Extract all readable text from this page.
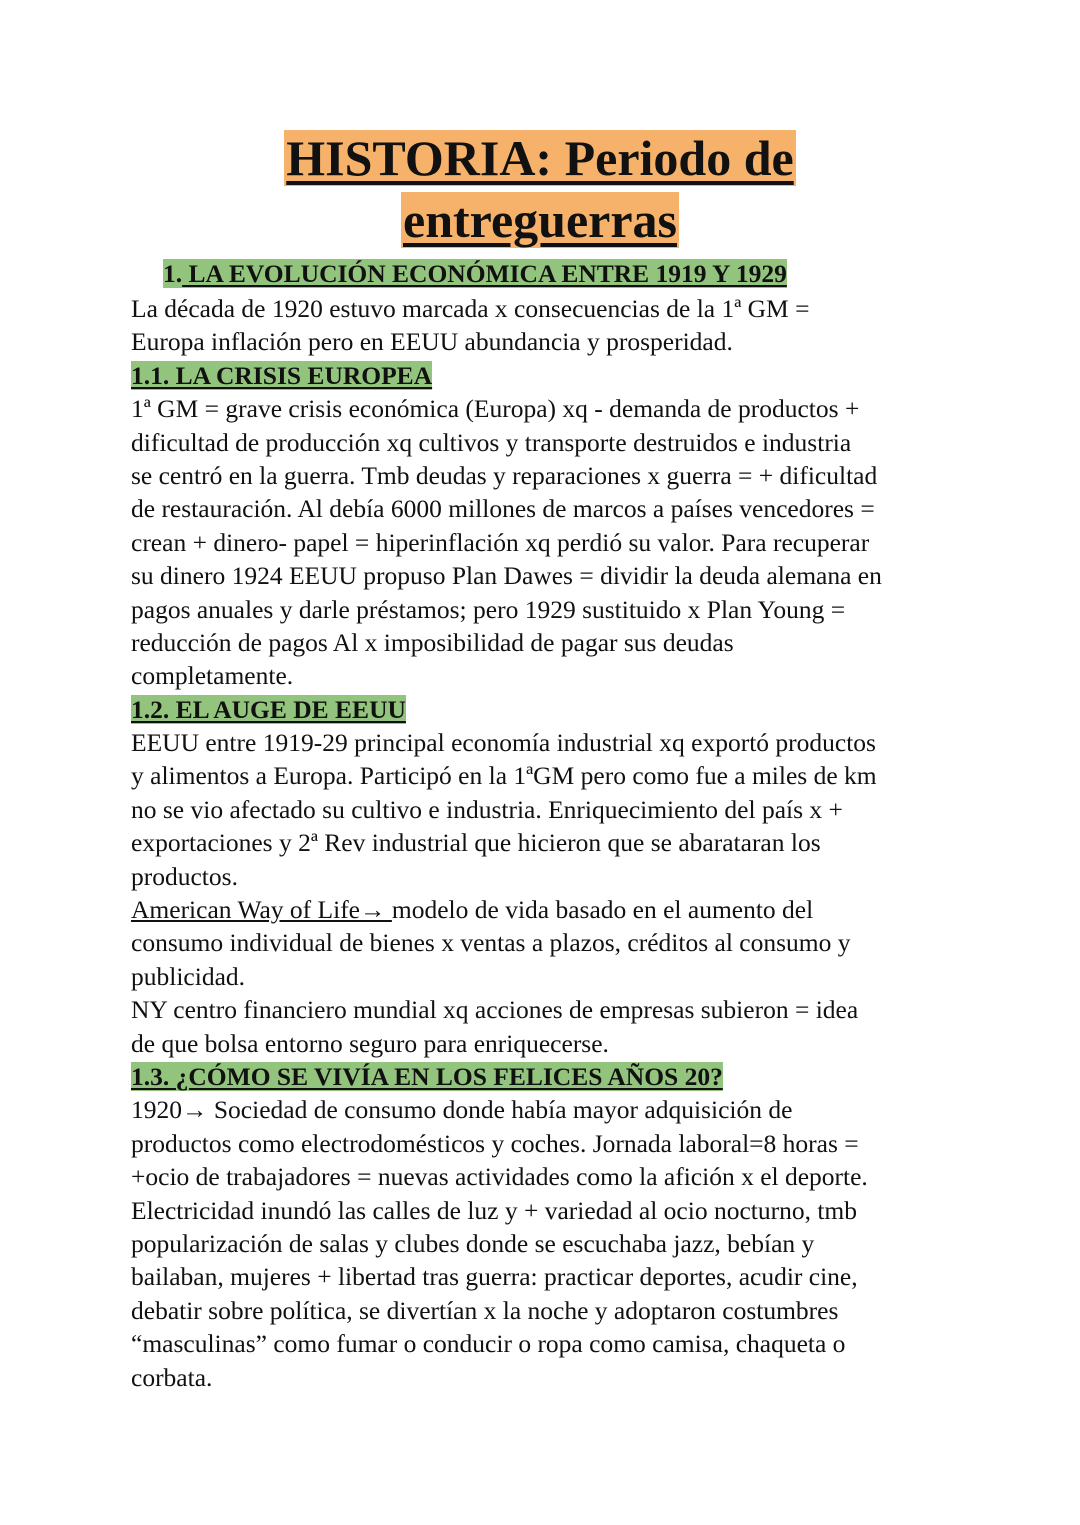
HISTORIA: Periodo de
entreguerras
1. LA EVOLUCIÓN ECONÓMICA ENTRE 1919 Y 1929
La década de 1920 estuvo marcada x consecuencias de la 1ª GM =
Europa inflación pero en EEUU abundancia y prosperidad.
1.1. LA CRISIS EUROPEA
1ª GM = grave crisis económica (Europa) xq - demanda de productos +
dificultad de producción xq cultivos y transporte destruidos e industria
se centró en la guerra. Tmb deudas y reparaciones x guerra = + dificultad
de restauración. Al debía 6000 millones de marcos a países vencedores =
crean + dinero- papel = hiperinflación xq perdió su valor. Para recuperar
su dinero 1924 EEUU propuso Plan Dawes = dividir la deuda alemana en
pagos anuales y darle préstamos; pero 1929 sustituido x Plan Young =
reducción de pagos Al x imposibilidad de pagar sus deudas
completamente.
1.2. EL AUGE DE EEUU
EEUU entre 1919-29 principal economía industrial xq exportó productos
y alimentos a Europa. Participó en la 1ªGM pero como fue a miles de km
no se vio afectado su cultivo e industria. Enriquecimiento del país x +
exportaciones y 2ª Rev industrial que hicieron que se abarataran los
productos.
American Way of Life→ modelo de vida basado en el aumento del
consumo individual de bienes x ventas a plazos, créditos al consumo y
publicidad.
NY centro financiero mundial xq acciones de empresas subieron = idea
de que bolsa entorno seguro para enriquecerse.
1.3. ¿CÓMO SE VIVÍA EN LOS FELICES AÑOS 20?
1920→ Sociedad de consumo donde había mayor adquisición de
productos como electrodomésticos y coches. Jornada laboral=8 horas =
+ocio de trabajadores = nuevas actividades como la afición x el deporte.
Electricidad inundó las calles de luz y + variedad al ocio nocturno, tmb
popularización de salas y clubes donde se escuchaba jazz, bebían y
bailaban, mujeres + libertad tras guerra: practicar deportes, acudir cine,
debatir sobre política, se divertían x la noche y adoptaron costumbres
“masculinas” como fumar o conducir o ropa como camisa, chaqueta o
corbata.
